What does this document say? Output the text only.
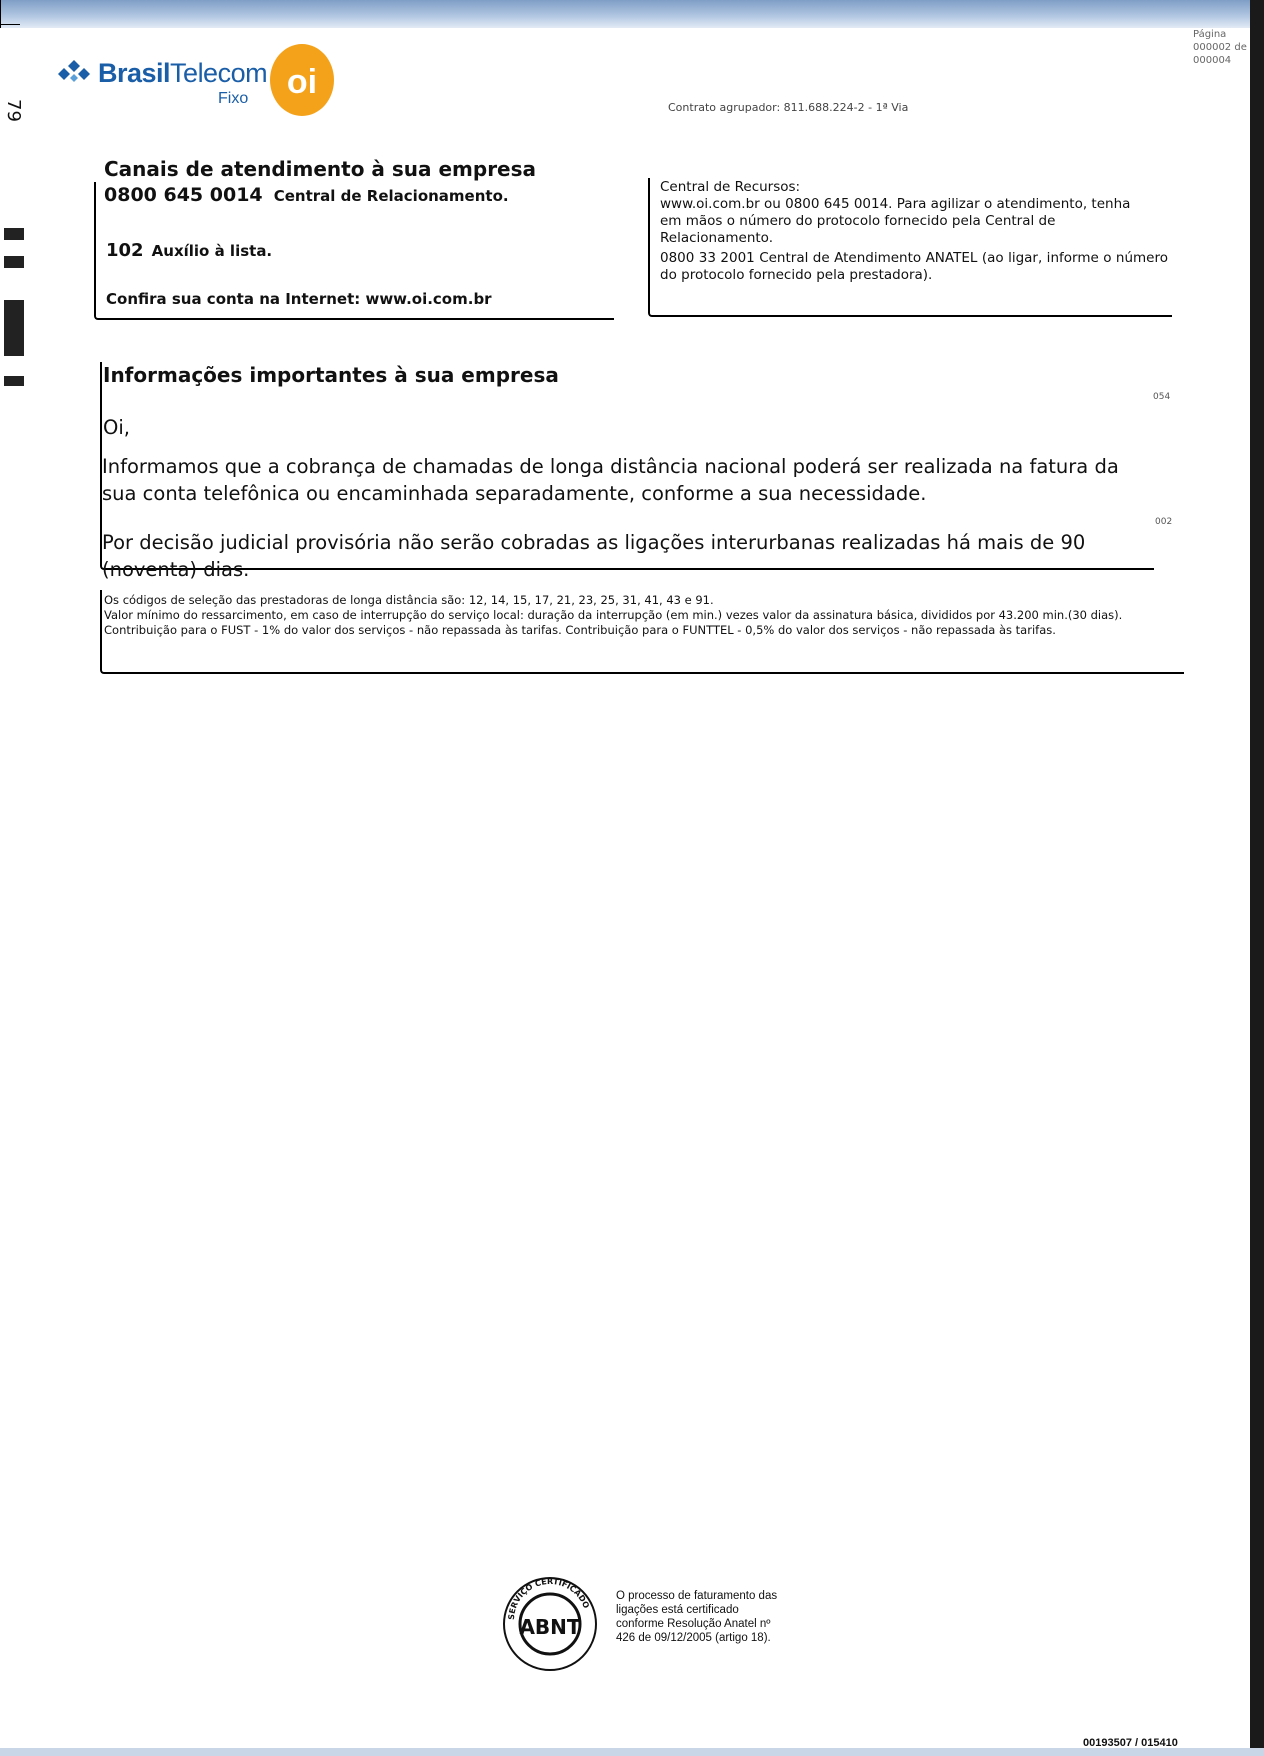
79
BrasilTelecom
Fixo	oi
Página 000002 de 000004
Contrato agrupador: 811.688.224-2 - 1ª Via
Canais de atendimento à sua empresa
0800 645 0014 Central de Relacionamento.
102 Auxílio à lista.
Confira sua conta na Internet: www.oi.com.br
Central de Recursos:
www.oi.com.br ou 0800 645 0014. Para agilizar o atendimento, tenha em mãos o número do protocolo fornecido pela Central de Relacionamento.
0800 33 2001 Central de Atendimento ANATEL (ao ligar, informe o número do protocolo fornecido pela prestadora).
Informações importantes à sua empresa
054
Oi,
Informamos que a cobrança de chamadas de longa distância nacional poderá ser realizada na fatura da sua conta telefônica ou encaminhada separadamente, conforme a sua necessidade.
002
Por decisão judicial provisória não serão cobradas as ligações interurbanas realizadas há mais de 90 (noventa) dias.
Os códigos de seleção das prestadoras de longa distância são: 12, 14, 15, 17, 21, 23, 25, 31, 41, 43 e 91.
Valor mínimo do ressarcimento, em caso de interrupção do serviço local: duração da interrupção (em min.) vezes valor da assinatura básica, divididos por 43.200 min.(30 dias).
Contribuição para o FUST - 1% do valor dos serviços - não repassada às tarifas. Contribuição para o FUNTTEL - 0,5% do valor dos serviços - não repassada às tarifas.
SERVIÇO CERTIFICADO
ABNT
O processo de faturamento das ligações está certificado conforme Resolução Anatel nº 426 de 09/12/2005 (artigo 18).
00193507 / 015410
